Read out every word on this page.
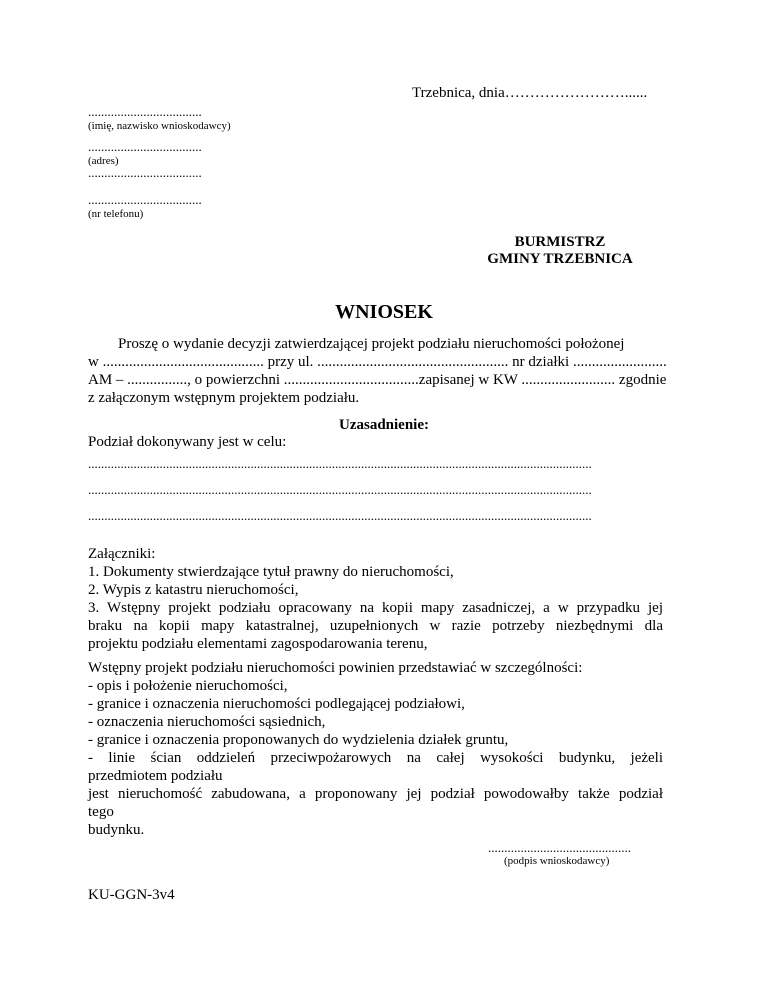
Trzebnica, dnia……………………......
...................................
(imię, nazwisko wnioskodawcy)
...................................
(adres)
...................................
...................................
(nr telefonu)
BURMISTRZ
GMINY TRZEBNICA
WNIOSEK
Proszę o wydanie decyzji zatwierdzającej projekt podziału nieruchomości położonej
w ........................................... przy ul. ................................................... nr działki .........................
AM – ................, o powierzchni ....................................zapisanej w KW ......................... zgodnie
z załączonym wstępnym projektem podziału.
Uzasadnienie:
Podział dokonywany jest w celu:
...........................................................................................................................................................
...........................................................................................................................................................
...........................................................................................................................................................
Załączniki:
1. Dokumenty stwierdzające tytuł prawny do nieruchomości,
2. Wypis z katastru nieruchomości,
3. Wstępny projekt podziału opracowany na kopii mapy zasadniczej, a w przypadku jej
braku na kopii mapy katastralnej, uzupełnionych w razie potrzeby niezbędnymi dla
projektu podziału elementami zagospodarowania terenu,
Wstępny projekt podziału nieruchomości powinien przedstawiać w szczególności:
- opis i położenie nieruchomości,
- granice i oznaczenia nieruchomości podlegającej podziałowi,
- oznaczenia nieruchomości sąsiednich,
- granice i oznaczenia proponowanych do wydzielenia działek gruntu,
- linie ścian oddzieleń przeciwpożarowych na całej wysokości budynku, jeżeli
przedmiotem podziału
jest nieruchomość zabudowana, a proponowany jej podział powodowałby także podział
tego
budynku.
............................................
(podpis wnioskodawcy)
KU-GGN-3v4
